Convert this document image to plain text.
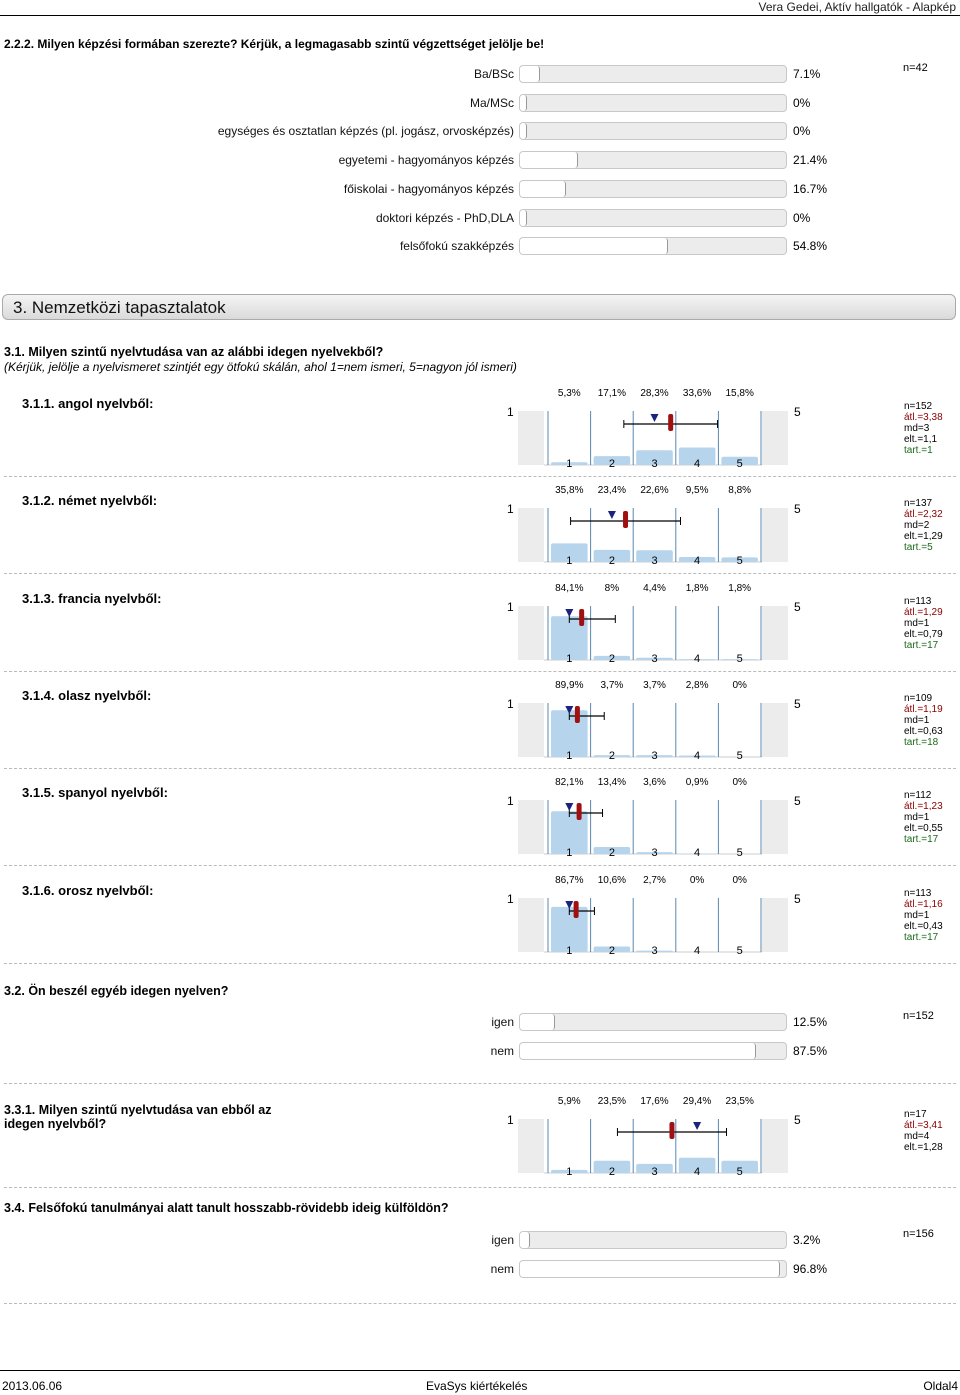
Vera Gedei, Aktív hallgatók - Alapkép
2.2.2. Milyen képzési formában szerezte? Kérjük, a legmagasabb szintű végzettséget jelölje be!
n=42
Ba/BSc	7.1%
Ma/MSc	0%
egységes és osztatlan képzés (pl. jogász, orvosképzés)	0%
egyetemi - hagyományos képzés	21.4%
főiskolai - hagyományos képzés	16.7%
doktori képzés - PhD,DLA	0%
felsőfokú szakképzés	54.8%
3. Nemzetközi tapasztalatok
3.1. Milyen szintű nyelvtudása van az alábbi idegen nyelvekből?
(Kérjük, jelölje a nyelvismeret szintjét egy ötfokú skálán, ahol 1=nem ismeri, 5=nagyon jól ismeri)
3.1.1. angol nyelvből:
1	5
5,3%	17,1%	28,3%	33,6%	15,8%
1	2	3	4	5
n=152
átl.=3,38
md=3
elt.=1,1
tart.=1
3.1.2. német nyelvből:
1	5
35,8%	23,4%	22,6%	9,5%	8,8%
1	2	3	4	5
n=137
átl.=2,32
md=2
elt.=1,29
tart.=5
3.1.3. francia nyelvből:
1	5
84,1%	8%	4,4%	1,8%	1,8%
1	2	3	4	5
n=113
átl.=1,29
md=1
elt.=0,79
tart.=17
3.1.4. olasz nyelvből:
1	5
89,9%	3,7%	3,7%	2,8%	0%
1	2	3	4	5
n=109
átl.=1,19
md=1
elt.=0,63
tart.=18
3.1.5. spanyol nyelvből:
1	5
82,1%	13,4%	3,6%	0,9%	0%
1	2	3	4	5
n=112
átl.=1,23
md=1
elt.=0,55
tart.=17
3.1.6. orosz nyelvből:
1	5
86,7%	10,6%	2,7%	0%	0%
1	2	3	4	5
n=113
átl.=1,16
md=1
elt.=0,43
tart.=17
3.2. Ön beszél egyéb idegen nyelven?
n=152
igen	12.5%
nem	87.5%
3.3.1. Milyen szintű nyelvtudása van ebből az
idegen nyelvből?	1	5
5,9%	23,5%	17,6%	29,4%	23,5%
1	2	3	4	5
n=17
átl.=3,41
md=4
elt.=1,28
3.4. Felsőfokú tanulmányai alatt tanult hosszabb-rövidebb ideig külföldön?
n=156
igen	3.2%
nem	96.8%
2013.06.06	EvaSys kiértékelés	Oldal4
